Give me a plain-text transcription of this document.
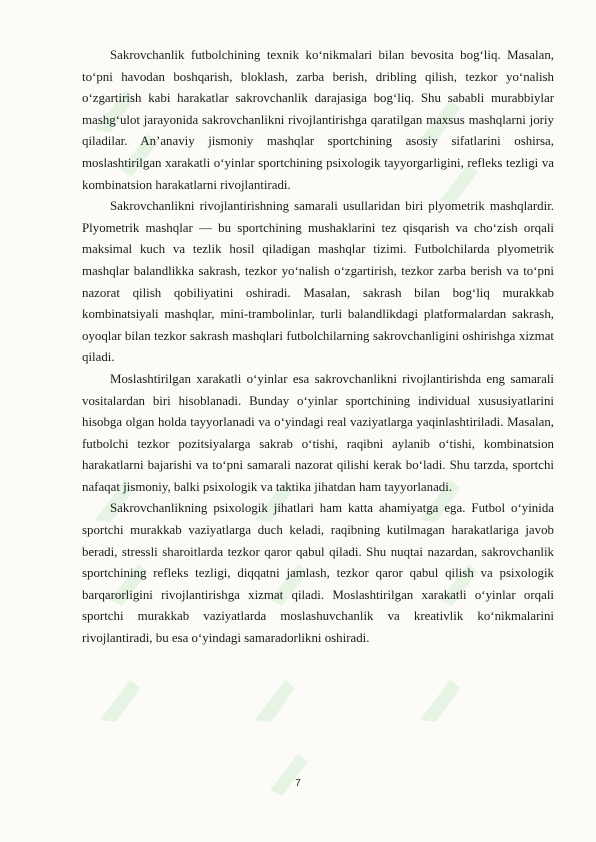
Sakrovchanlik futbolchining texnik ko‘nikmalari bilan bevosita bog‘liq. Masalan, to‘pni havodan boshqarish, bloklash, zarba berish, dribling qilish, tezkor yo‘nalish o‘zgartirish kabi harakatlar sakrovchanlik darajasiga bog‘liq. Shu sababli murabbiylar mashg‘ulot jarayonida sakrovchanlikni rivojlantirishga qaratilgan maxsus mashqlarni joriy qiladilar. An’anaviy jismoniy mashqlar sportchining asosiy sifatlarini oshirsa, moslashtirilgan xarakatli o‘yinlar sportchining psixologik tayyorgarligini, refleks tezligi va kombinatsion harakatlarni rivojlantiradi.

Sakrovchanlikni rivojlantirishning samarali usullaridan biri plyometrik mashqlardir. Plyometrik mashqlar — bu sportchining mushaklarini tez qisqarish va cho‘zish orqali maksimal kuch va tezlik hosil qiladigan mashqlar tizimi. Futbolchilarda plyometrik mashqlar balandlikka sakrash, tezkor yo‘nalish o‘zgartirish, tezkor zarba berish va to‘pni nazorat qilish qobiliyatini oshiradi. Masalan, sakrash bilan bog‘liq murakkab kombinatsiyali mashqlar, mini-trambolinlar, turli balandlikdagi platformalardan sakrash, oyoqlar bilan tezkor sakrash mashqlari futbolchilarning sakrovchanligini oshirishga xizmat qiladi.

Moslashtirilgan xarakatli o‘yinlar esa sakrovchanlikni rivojlantirishda eng samarali vositalardan biri hisoblanadi. Bunday o‘yinlar sportchining individual xususiyatlarini hisobga olgan holda tayyorlanadi va o‘yindagi real vaziyatlarga yaqinlashtiriladi. Masalan, futbolchi tezkor pozitsiyalarga sakrab o‘tishi, raqibni aylanib o‘tishi, kombinatsion harakatlarni bajarishi va to‘pni samarali nazorat qilishi kerak bo‘ladi. Shu tarzda, sportchi nafaqat jismoniy, balki psixologik va taktika jihatdan ham tayyorlanadi.

Sakrovchanlikning psixologik jihatlari ham katta ahamiyatga ega. Futbol o‘yinida sportchi murakkab vaziyatlarga duch keladi, raqibning kutilmagan harakatlariga javob beradi, stressli sharoitlarda tezkor qaror qabul qiladi. Shu nuqtai nazardan, sakrovchanlik sportchining refleks tezligi, diqqatni jamlash, tezkor qaror qabul qilish va psixologik barqarorligini rivojlantirishga xizmat qiladi. Moslashtirilgan xarakatli o‘yinlar orqali sportchi murakkab vaziyatlarda moslashuvchanlik va kreativlik ko‘nikmalarini rivojlantiradi, bu esa o‘yindagi samaradorlikni oshiradi.

7
